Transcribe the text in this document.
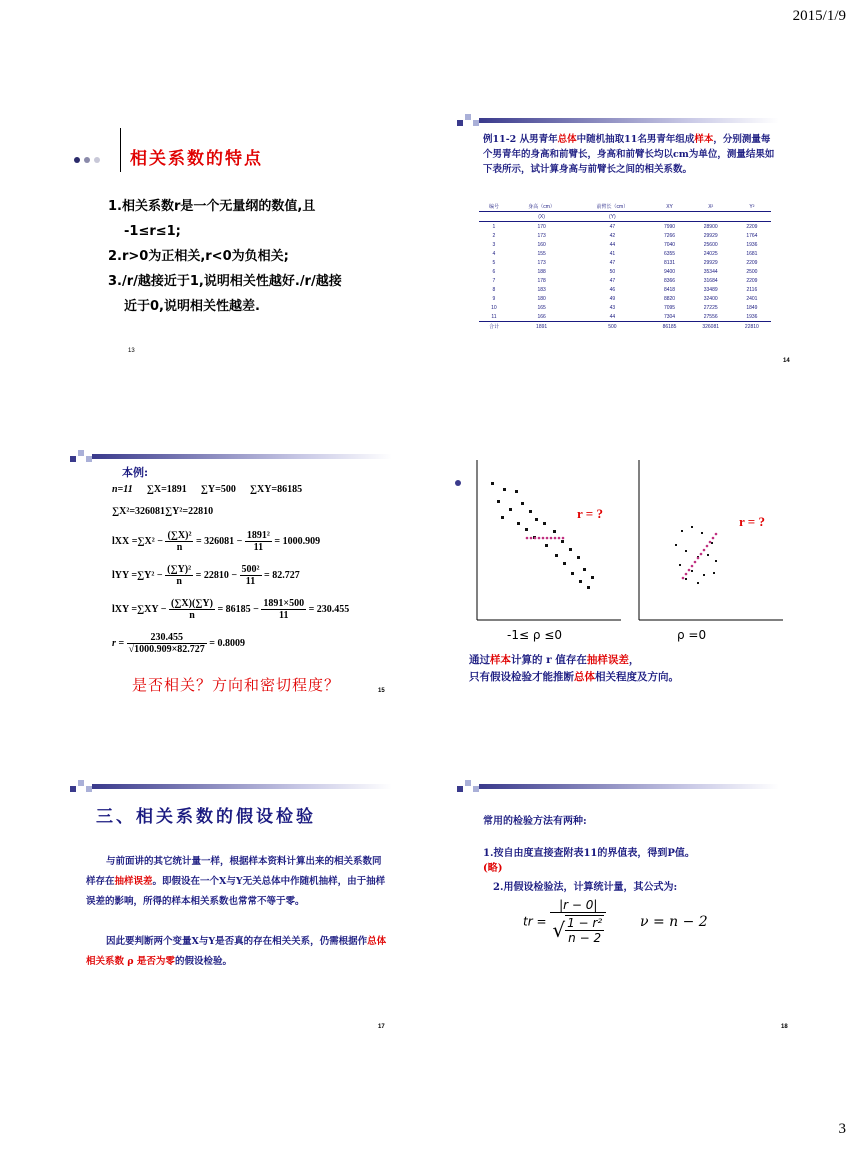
2015/1/9
3
相关系数的特点
1.相关系数r是一个无量纲的数值,且
-1≤r≤1;
2.r>0为正相关,r<0为负相关;
3./r/越接近于1,说明相关性越好./r/越接
近于0,说明相关性越差.
13
例11-2 从男青年总体中随机抽取11名男青年组成样本，分别测量每个男青年的身高和前臂长，身高和前臂长均以cm为单位，测量结果如下表所示，试计算身高与前臂长之间的相关系数。
编号	身高（cm）	前臂长（cm）	XY	X²	Y²
	(X)	(Y)			
1	170	47	7990	28900	2209
2	173	42	7266	29929	1764
3	160	44	7040	25600	1936
4	155	41	6355	24025	1681
5	173	47	8131	29929	2209
6	188	50	9400	35344	2500
7	178	47	8366	31684	2209
8	183	46	8418	33489	2116
9	180	49	8820	32400	2401
10	165	43	7095	27225	1849
11	166	44	7304	27556	1936
合计	1891	500	86185	326081	22810
14
本例:
n=11 ∑X=1891 ∑Y=500 ∑XY=86185
∑X²=326081∑Y²=22810
lXX $=\sum X^2 - \frac{\text{(∑X)²}}{n} = 326081 - \frac{\text{1891²}}{11} = 1000.909$
lYY $=\sum Y^2 - \frac{\text{(∑Y)²}}{n} = 22810 - \frac{\text{500²}}{11} = 82.727$
lXY $=\sum XY - \frac{(\sum X)(\sum Y)}{n} = 86185 - \frac{1891\times 500}{11} = 230.455$
$r = \frac{230.455}{√1000.909\times 82.727} = 0.8009$
是否相关？方向和密切程度？	15
r = ?
r = ?
-1≤ ρ ≤0	ρ =0
通过样本计算的 r 值存在抽样误差，
只有假设检验才能推断总体相关程度及方向。
三、相关系数的假设检验
与前面讲的其它统计量一样，根据样本资料计算出来的相关系数同样存在抽样误差。即假设在一个X与Y无关总体中作随机抽样，由于抽样误差的影响，所得的样本相关系数也常常不等于零。
因此要判断两个变量X与Y是否真的存在相关关系，仍需根据作总体相关系数 ρ 是否为零的假设检验。
17
常用的检验方法有两种:
1.按自由度直接查附表11的界值表，得到P值。
(略)
2.用假设检验法，计算统计量，其公式为:
tr = $\frac{|r - 0|}{√ \frac{\text{1 − r²}}{n - 2}}$ ν = n − 2
18
